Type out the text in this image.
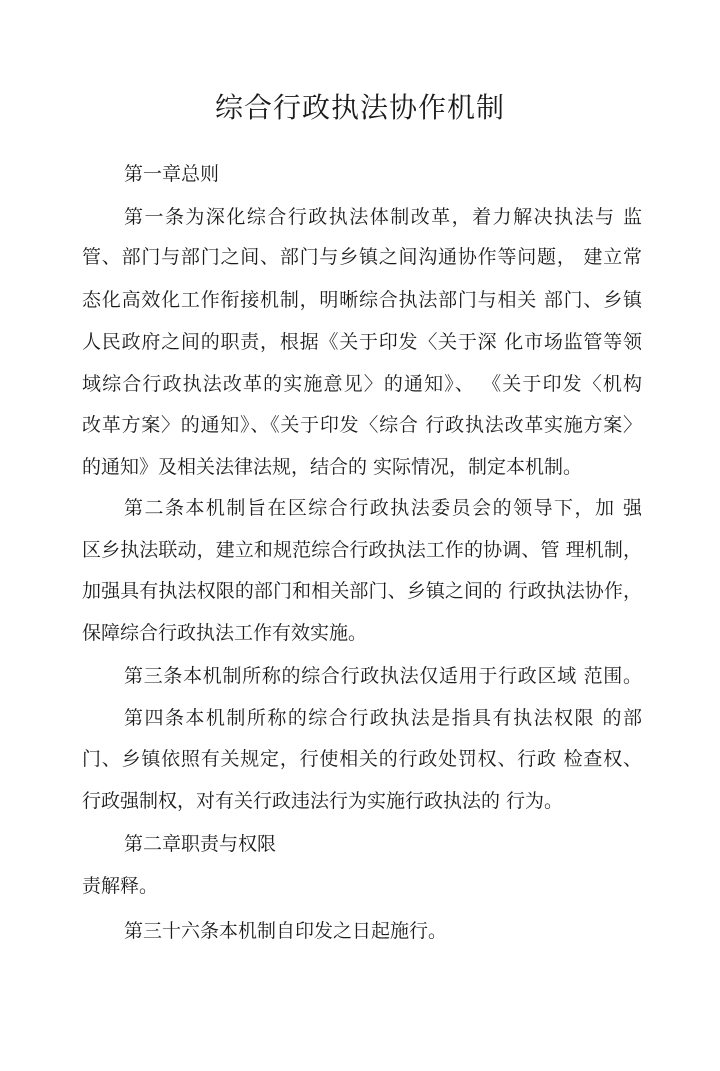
综合行政执法协作机制
第一章总则
第一条为深化综合行政执法体制改革，着力解决执法与 监
管、部门与部门之间、部门与乡镇之间沟通协作等问题， 建立常
态化高效化工作衔接机制，明晰综合执法部门与相关 部门、乡镇
人民政府之间的职责，根据《关于印发〈关于深 化市场监管等领
域综合行政执法改革的实施意见〉的通知》、 《关于印发〈机构
改革方案〉的通知》、《关于印发〈综合 行政执法改革实施方案〉
的通知》及相关法律法规，结合的 实际情况，制定本机制。
第二条本机制旨在区综合行政执法委员会的领导下，加 强
区乡执法联动，建立和规范综合行政执法工作的协调、管 理机制，
加强具有执法权限的部门和相关部门、乡镇之间的 行政执法协作，
保障综合行政执法工作有效实施。
第三条本机制所称的综合行政执法仅适用于行政区域 范围。
第四条本机制所称的综合行政执法是指具有执法权限 的部
门、乡镇依照有关规定，行使相关的行政处罚权、行政 检查权、
行政强制权，对有关行政违法行为实施行政执法的 行为。
第二章职责与权限
责解释。
第三十六条本机制自印发之日起施行。
